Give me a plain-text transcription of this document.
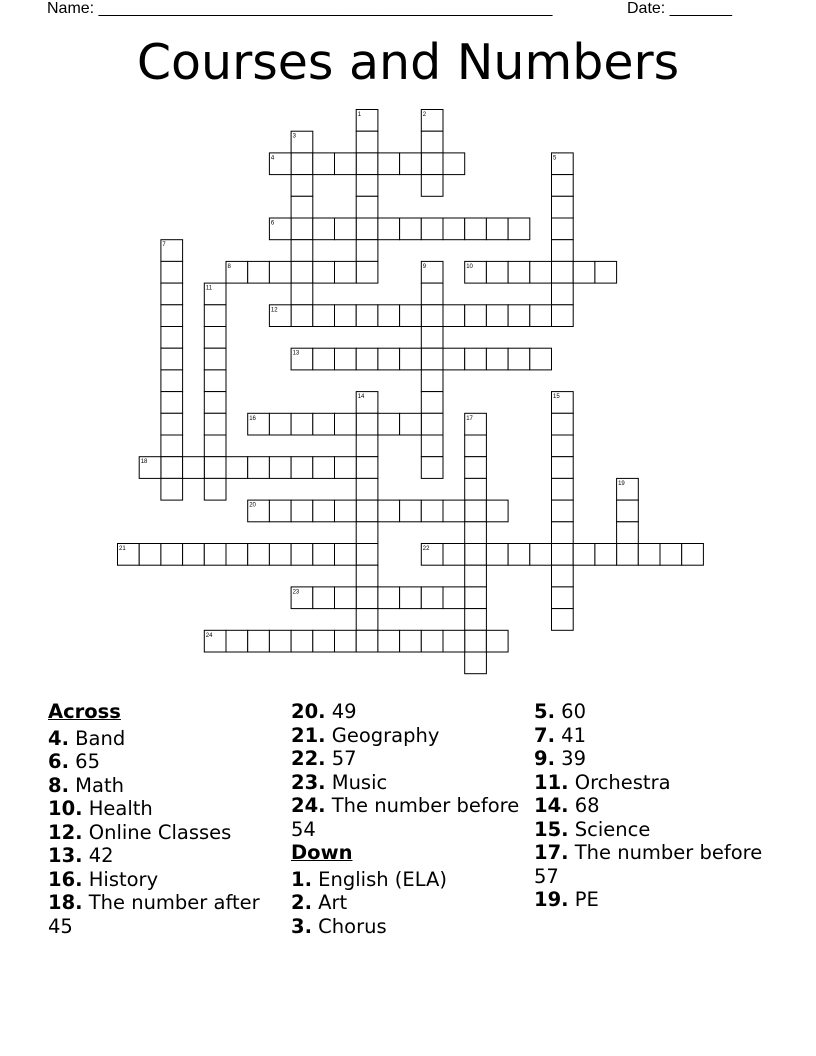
Name: ___________________________________________________	Date: _______
Courses and Numbers
1	2
3
4	5
6
7
8	9	10
11
12
13
14	15
16	17
18
19
20
21	22
23
24
Across
4. Band
6. 65
8. Math
10. Health
12. Online Classes
13. 42
16. History
18. The number after 45
20. 49
21. Geography
22. 57
23. Music
24. The number before 54
Down
1. English (ELA)
2. Art
3. Chorus
5. 60
7. 41
9. 39
11. Orchestra
14. 68
15. Science
17. The number before 57
19. PE
